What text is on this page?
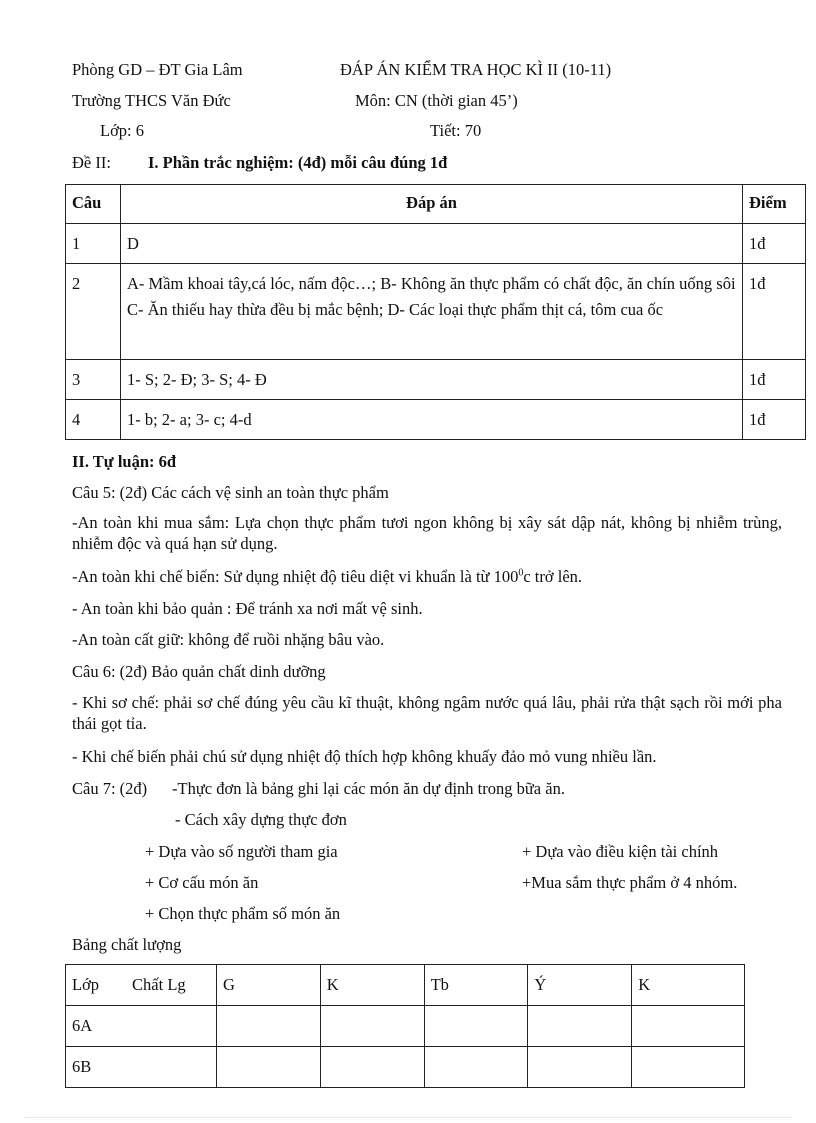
Phòng GD – ĐT Gia Lâm	ĐÁP ÁN KIỂM TRA HỌC KÌ II (10-11)
Trường THCS Văn Đức	Môn: CN (thời gian 45’)
Lớp: 6	Tiết: 70
Đề II: I. Phần trắc nghiệm: (4đ) mỗi câu đúng 1đ
Câu	Đáp án	Điểm
1	D	1đ
2	A- Mầm khoai tây,cá lóc, nấm độc…; B- Không ăn thực phẩm có chất độc, ăn chín uống sôi
C- Ăn thiếu hay thừa đều bị mắc bệnh; D- Các loại thực phẩm thịt cá, tôm cua ốc	1đ
3	1- S; 2- Đ; 3- S; 4- Đ	1đ
4	1- b; 2- a; 3- c; 4-d	1đ
II. Tự luận: 6đ
Câu 5: (2đ) Các cách vệ sinh an toàn thực phẩm
-An toàn khi mua sắm: Lựa chọn thực phẩm tươi ngon không bị xây sát dập nát, không bị nhiễm trùng, nhiễm độc và quá hạn sử dụng.
-An toàn khi chế biến: Sử dụng nhiệt độ tiêu diệt vi khuẩn là từ $100^0c$ trở lên.
- An toàn khi bảo quản : Để tránh xa nơi mất vệ sinh.
-An toàn cất giữ: không để ruồi nhặng bâu vào.
Câu 6: (2đ) Bảo quản chất dinh dưỡng
- Khi sơ chế: phải sơ chế đúng yêu cầu kĩ thuật, không ngâm nước quá lâu, phải rửa thật sạch rồi mới pha thái gọt tỉa.
- Khi chế biến phải chú sử dụng nhiệt độ thích hợp không khuấy đảo mỏ vung nhiều lần.
Câu 7: (2đ) -Thực đơn là bảng ghi lại các món ăn dự định trong bữa ăn.
- Cách xây dựng thực đơn
+ Dựa vào số người tham gia	+ Dựa vào điều kiện tài chính
+ Cơ cấu món ăn	+Mua sắm thực phẩm ở 4 nhóm.
+ Chọn thực phẩm số món ăn
Bảng chất lượng
Lớp        Chất Lg	G	K	Tb	Ý	K
6A					
6B					
